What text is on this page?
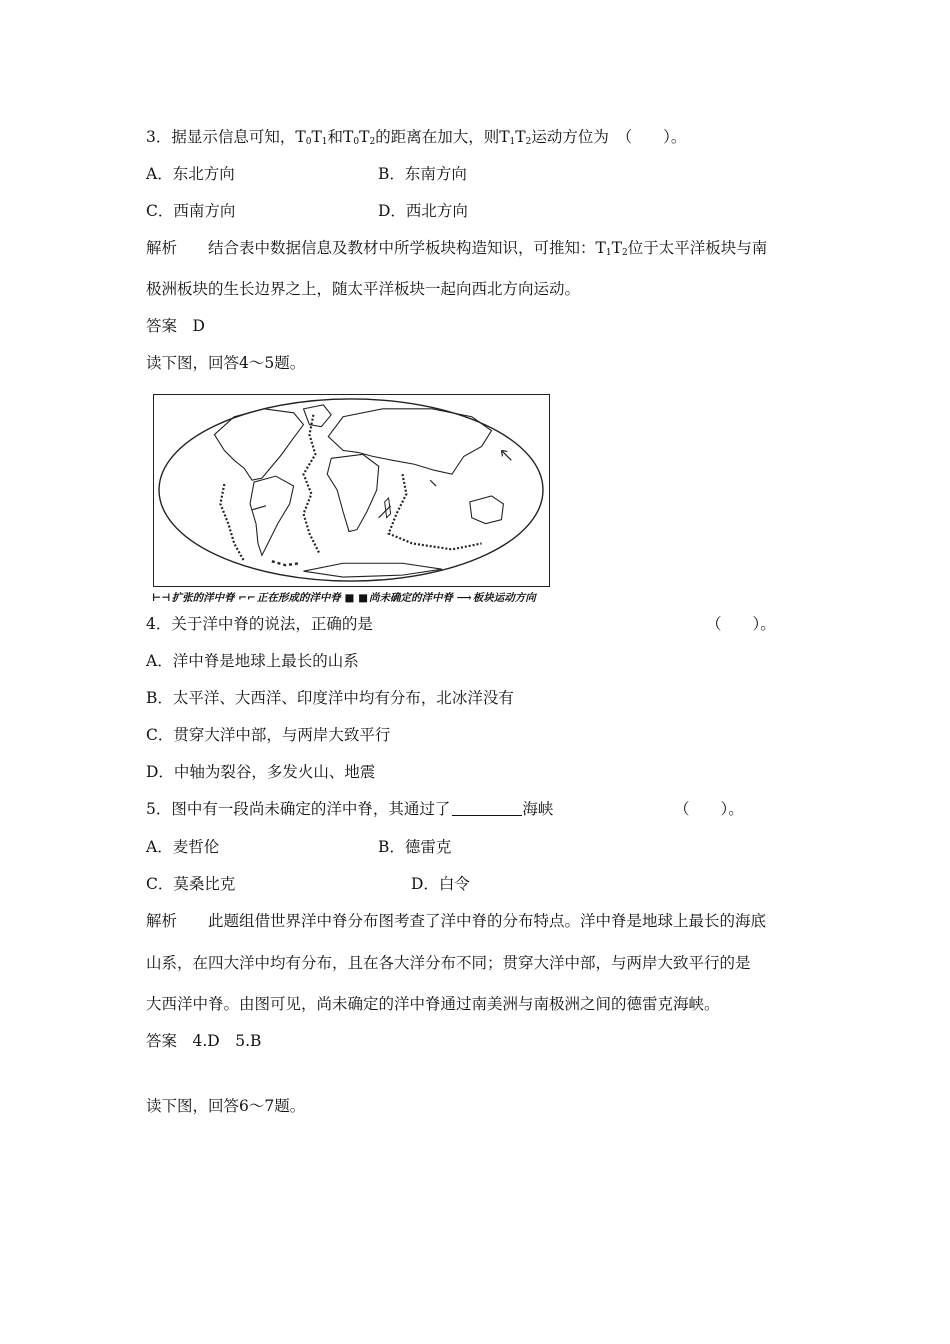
3．据显示信息可知，$T_0T_1$和$T_0T_2$的距离在加大，则$T_1T_2$运动方位为　（　　）。
A．东北方向	B．东南方向
C．西南方向	D．西北方向
解析　　 结合表中数据信息及教材中所学板块构造知识，可推知：$T_1T_2$位于太平洋板块与南
极洲板块的生长边界之上，随太平洋板块一起向西北方向运动。
答案　D
读下图，回答4～5题。
⊢⊣扩张的洋中脊 ⌐⌐正在形成的洋中脊 ■ ■尚未确定的洋中脊 ⟶板块运动方向
4．关于洋中脊的说法，正确的是	（　　）。
A．洋中脊是地球上最长的山系
B．太平洋、大西洋、印度洋中均有分布，北冰洋没有
C．贯穿大洋中部，与两岸大致平行
D．中轴为裂谷，多发火山、地震
5．图中有一段尚未确定的洋中脊，其通过了	海峡	（　　）。
A．麦哲伦	B．德雷克
C．莫桑比克	D．白令
解析　　 此题组借世界洋中脊分布图考查了洋中脊的分布特点。洋中脊是地球上最长的海底
山系，在四大洋中均有分布，且在各大洋分布不同；贯穿大洋中部，与两岸大致平行的是
大西洋中脊。由图可见，尚未确定的洋中脊通过南美洲与南极洲之间的德雷克海峡。
答案　4.D　5.B
读下图，回答6～7题。
